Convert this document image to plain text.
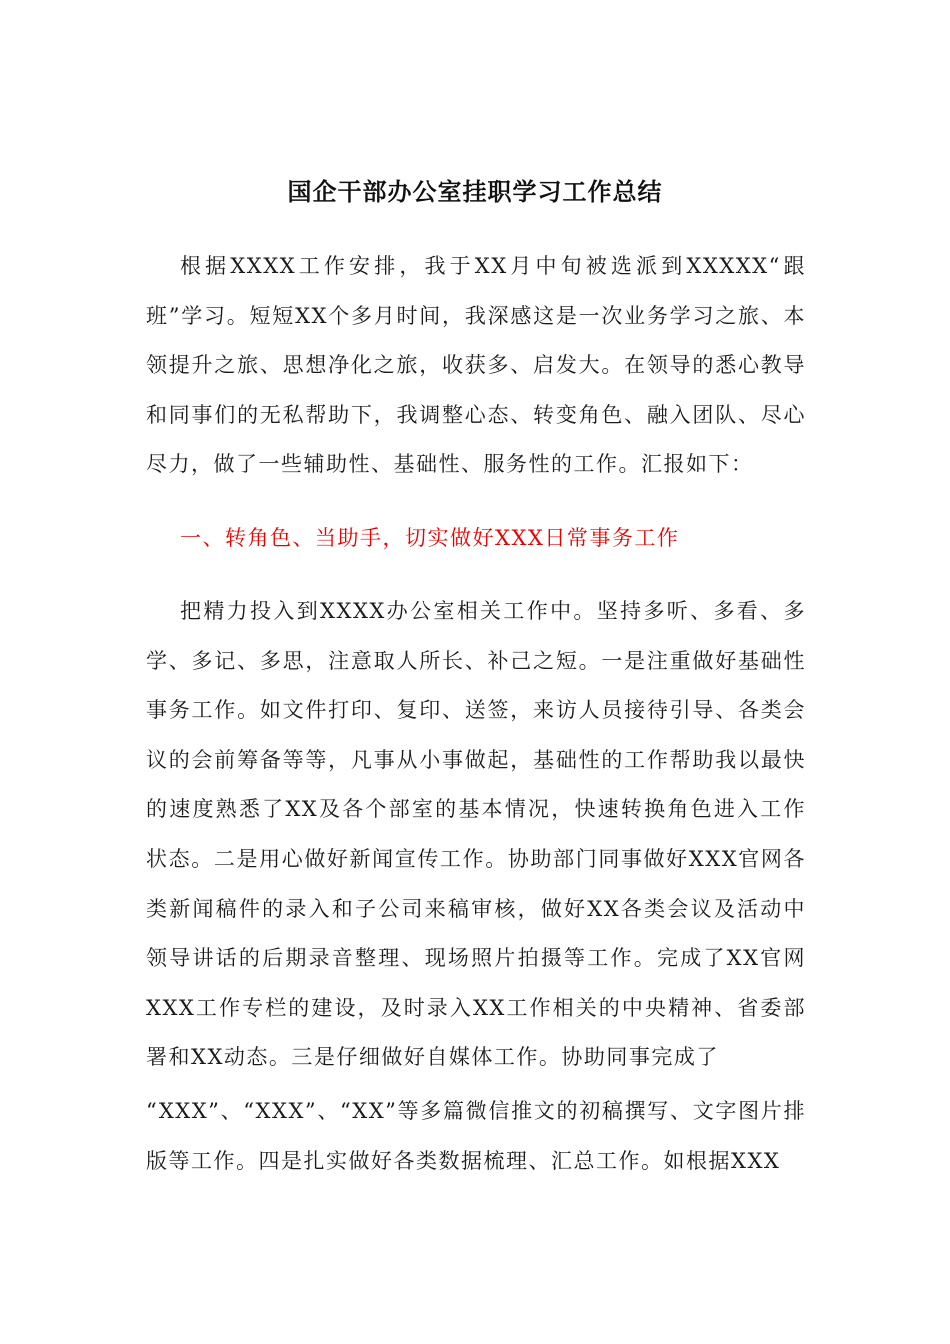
国企干部办公室挂职学习工作总结

根据XXXX工作安排，我于XX月中旬被选派到XXXXX“跟班”学习。短短XX个多月时间，我深感这是一次业务学习之旅、本领提升之旅、思想净化之旅，收获多、启发大。在领导的悉心教导和同事们的无私帮助下，我调整心态、转变角色、融入团队、尽心尽力，做了一些辅助性、基础性、服务性的工作。汇报如下：

一、转角色、当助手，切实做好XXX日常事务工作

把精力投入到XXXX办公室相关工作中。坚持多听、多看、多学、多记、多思，注意取人所长、补己之短。一是注重做好基础性事务工作。如文件打印、复印、送签，来访人员接待引导、各类会议的会前筹备等等，凡事从小事做起，基础性的工作帮助我以最快的速度熟悉了XX及各个部室的基本情况，快速转换角色进入工作状态。二是用心做好新闻宣传工作。协助部门同事做好XXX官网各类新闻稿件的录入和子公司来稿审核，做好XX各类会议及活动中领导讲话的后期录音整理、现场照片拍摄等工作。完成了XX官网XXX工作专栏的建设，及时录入XX工作相关的中央精神、省委部署和XX动态。三是仔细做好自媒体工作。协助同事完成了

“XXX”、“XXX”、“XX”等多篇微信推文的初稿撰写、文字图片排版等工作。四是扎实做好各类数据梳理、汇总工作。如根据XXX
